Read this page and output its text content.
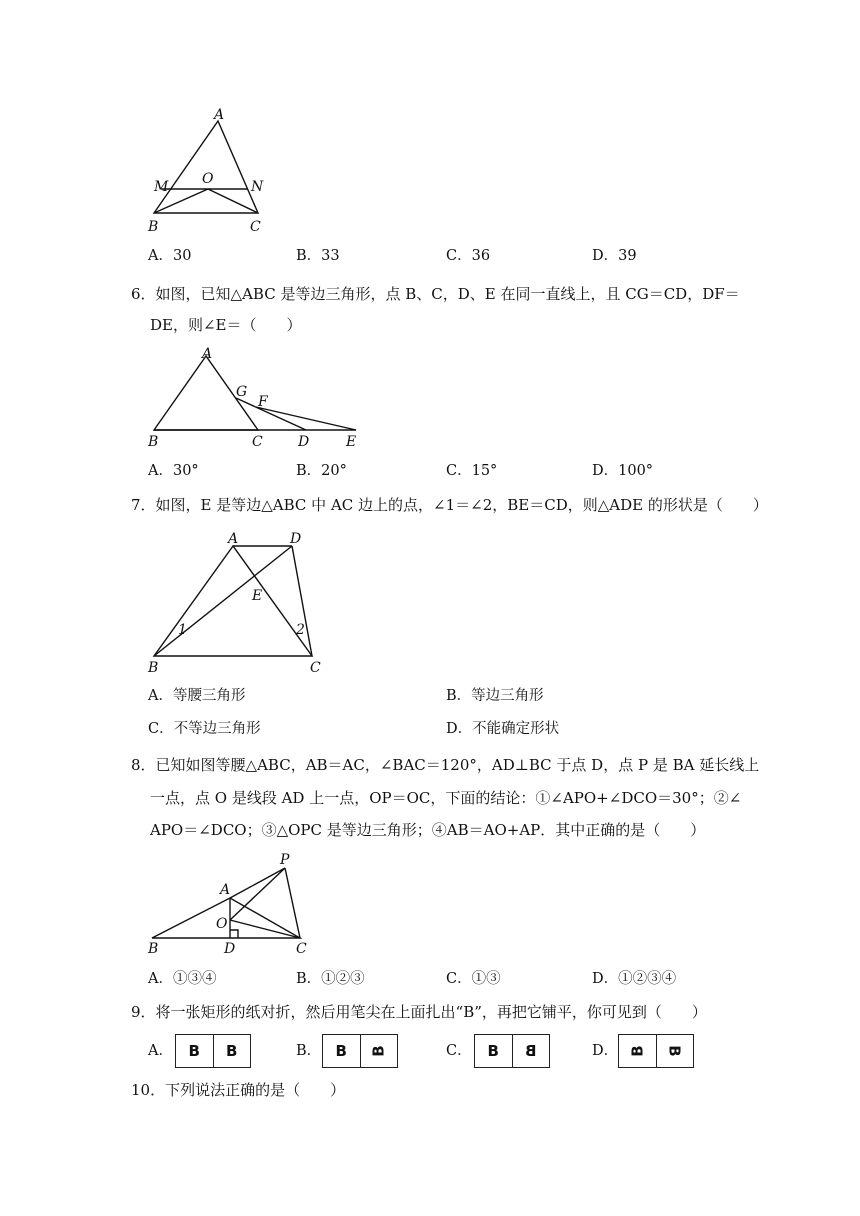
A
M O	N
B	C
A．30	B．33	C．36	D．39
6．如图，已知△ABC 是等边三角形，点 B、C，D、E 在同一直线上，且 CG＝CD，DF＝
DE，则∠E＝（　　）
A
G
F
B	C	D	E
A．30°	B．20°	C．15°	D．100°
7．如图，E 是等边△ABC 中 AC 边上的点，∠1＝∠2，BE＝CD，则△ADE 的形状是（　　）
A	D
E
1	2
B	C
A．等腰三角形	B．等边三角形
C．不等边三角形	D．不能确定形状
8．已知如图等腰△ABC，AB＝AC，∠BAC＝120°，AD⊥BC 于点 D，点 P 是 BA 延长线上
一点，点 O 是线段 AD 上一点，OP＝OC，下面的结论：①∠APO+∠DCO＝30°；②∠
APO＝∠DCO；③△OPC 是等边三角形；④AB＝AO+AP．其中正确的是（　　）
P
A
O
B	D	C
A．①③④	B．①②③	C．①③	D．①②③④
9．将一张矩形的纸对折，然后用笔尖在上面扎出“B”，再把它铺平，你可见到（　　）
A．	B	B	B． B	B	C．	B	B	D． B B
10．下列说法正确的是（　　）
